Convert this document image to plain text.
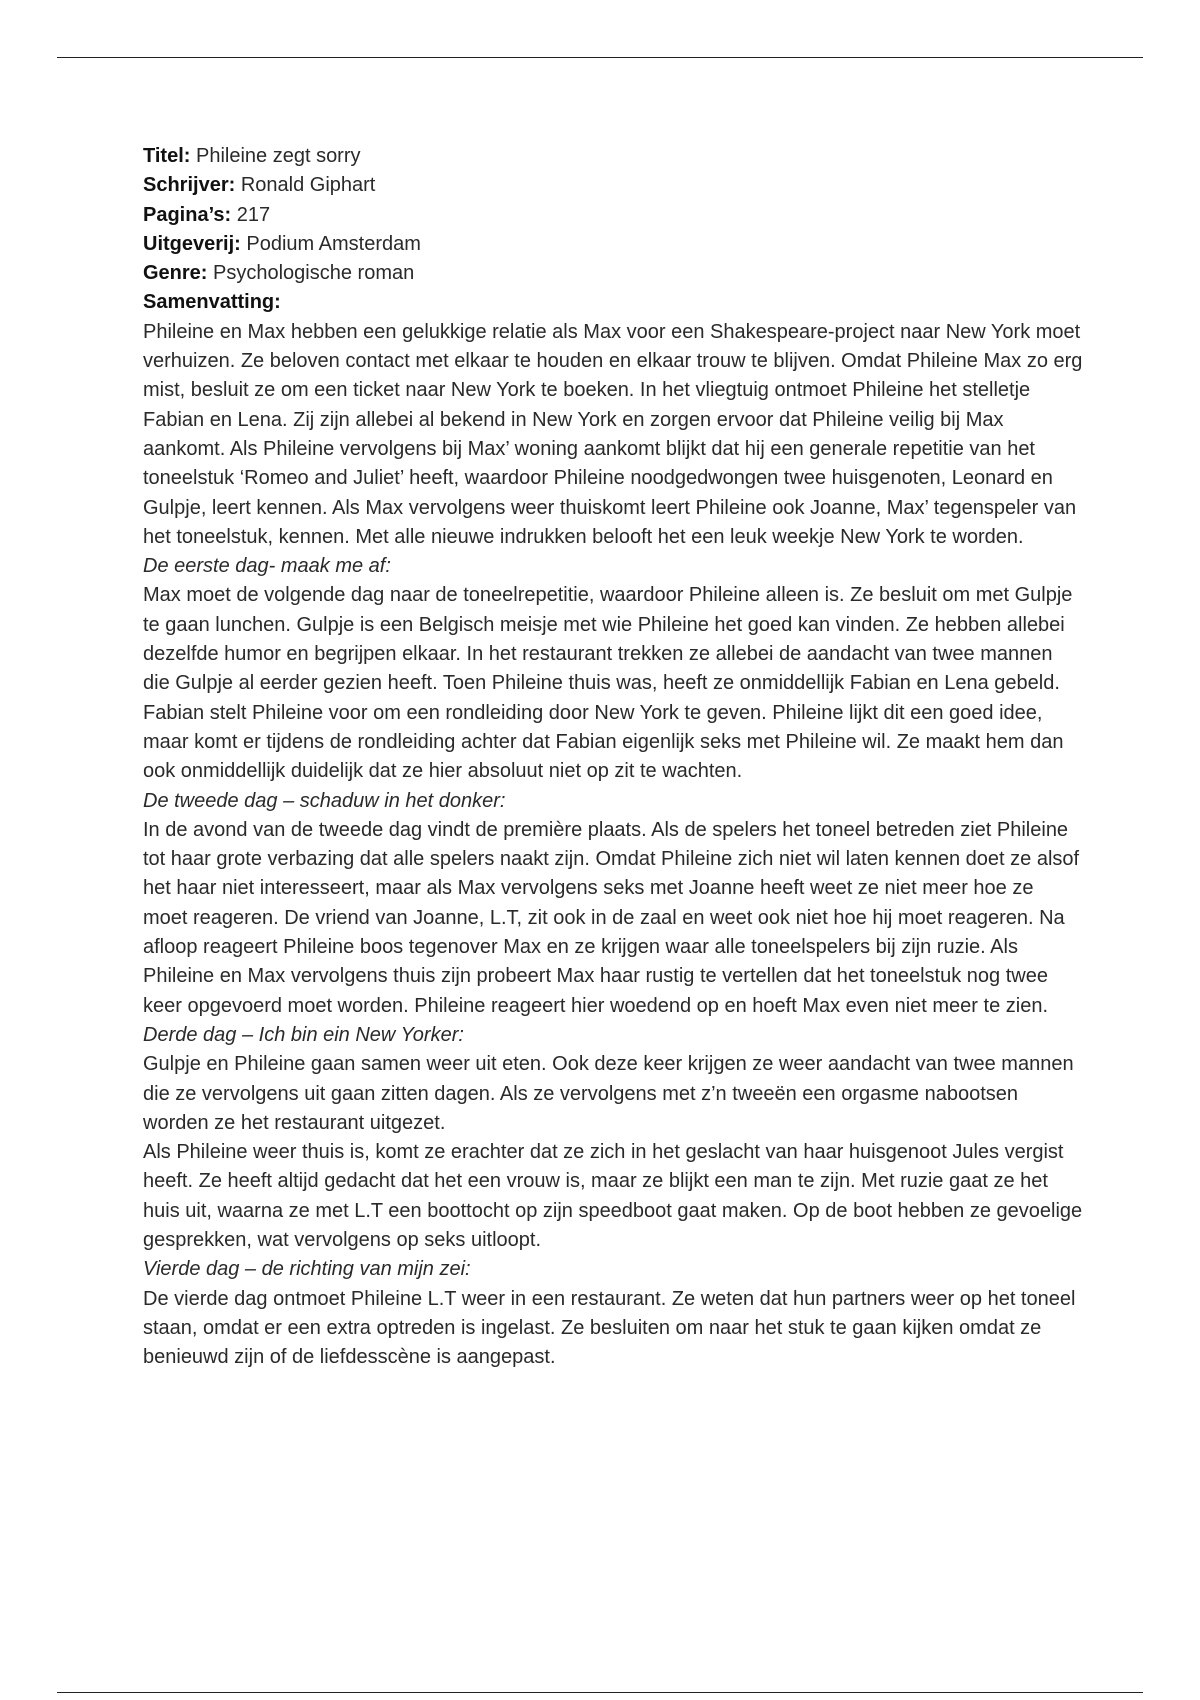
Titel: Phileine zegt sorry
Schrijver: Ronald Giphart
Pagina’s: 217
Uitgeverij: Podium Amsterdam
Genre: Psychologische roman
Samenvatting:

Phileine en Max hebben een gelukkige relatie als Max voor een Shakespeare-project naar New York moet verhuizen. Ze beloven contact met elkaar te houden en elkaar trouw te blijven. Omdat Phileine Max zo erg mist, besluit ze om een ticket naar New York te boeken. In het vliegtuig ontmoet Phileine het stelletje Fabian en Lena. Zij zijn allebei al bekend in New York en zorgen ervoor dat Phileine veilig bij Max aankomt. Als Phileine vervolgens bij Max’ woning aankomt blijkt dat hij een generale repetitie van het toneelstuk ‘Romeo and Juliet’ heeft, waardoor Phileine noodgedwongen twee huisgenoten, Leonard en Gulpje, leert kennen. Als Max vervolgens weer thuiskomt leert Phileine ook Joanne, Max’ tegenspeler van het toneelstuk, kennen. Met alle nieuwe indrukken belooft het een leuk weekje New York te worden.

De eerste dag- maak me af:

Max moet de volgende dag naar de toneelrepetitie, waardoor Phileine alleen is. Ze besluit om met Gulpje te gaan lunchen. Gulpje is een Belgisch meisje met wie Phileine het goed kan vinden. Ze hebben allebei dezelfde humor en begrijpen elkaar. In het restaurant trekken ze allebei de aandacht van twee mannen die Gulpje al eerder gezien heeft. Toen Phileine thuis was, heeft ze onmiddellijk Fabian en Lena gebeld. Fabian stelt Phileine voor om een rondleiding door New York te geven. Phileine lijkt dit een goed idee, maar komt er tijdens de rondleiding achter dat Fabian eigenlijk seks met Phileine wil. Ze maakt hem dan ook onmiddellijk duidelijk dat ze hier absoluut niet op zit te wachten.

De tweede dag – schaduw in het donker:

In de avond van de tweede dag vindt de première plaats. Als de spelers het toneel betreden ziet Phileine tot haar grote verbazing dat alle spelers naakt zijn. Omdat Phileine zich niet wil laten kennen doet ze alsof het haar niet interesseert, maar als Max vervolgens seks met Joanne heeft weet ze niet meer hoe ze moet reageren. De vriend van Joanne, L.T, zit ook in de zaal en weet ook niet hoe hij moet reageren. Na afloop reageert Phileine boos tegenover Max en ze krijgen waar alle toneelspelers bij zijn ruzie. Als Phileine en Max vervolgens thuis zijn probeert Max haar rustig te vertellen dat het toneelstuk nog twee keer opgevoerd moet worden. Phileine reageert hier woedend op en hoeft Max even niet meer te zien.

Derde dag – Ich bin ein New Yorker:

Gulpje en Phileine gaan samen weer uit eten. Ook deze keer krijgen ze weer aandacht van twee mannen die ze vervolgens uit gaan zitten dagen. Als ze vervolgens met z’n tweeën een orgasme nabootsen worden ze het restaurant uitgezet.

Als Phileine weer thuis is, komt ze erachter dat ze zich in het geslacht van haar huisgenoot Jules vergist heeft. Ze heeft altijd gedacht dat het een vrouw is, maar ze blijkt een man te zijn. Met ruzie gaat ze het huis uit, waarna ze met L.T een boottocht op zijn speedboot gaat maken. Op de boot hebben ze gevoelige gesprekken, wat vervolgens op seks uitloopt.

Vierde dag – de richting van mijn zei:

De vierde dag ontmoet Phileine L.T weer in een restaurant. Ze weten dat hun partners weer op het toneel staan, omdat er een extra optreden is ingelast. Ze besluiten om naar het stuk te gaan kijken omdat ze benieuwd zijn of de liefdesscène is aangepast.
